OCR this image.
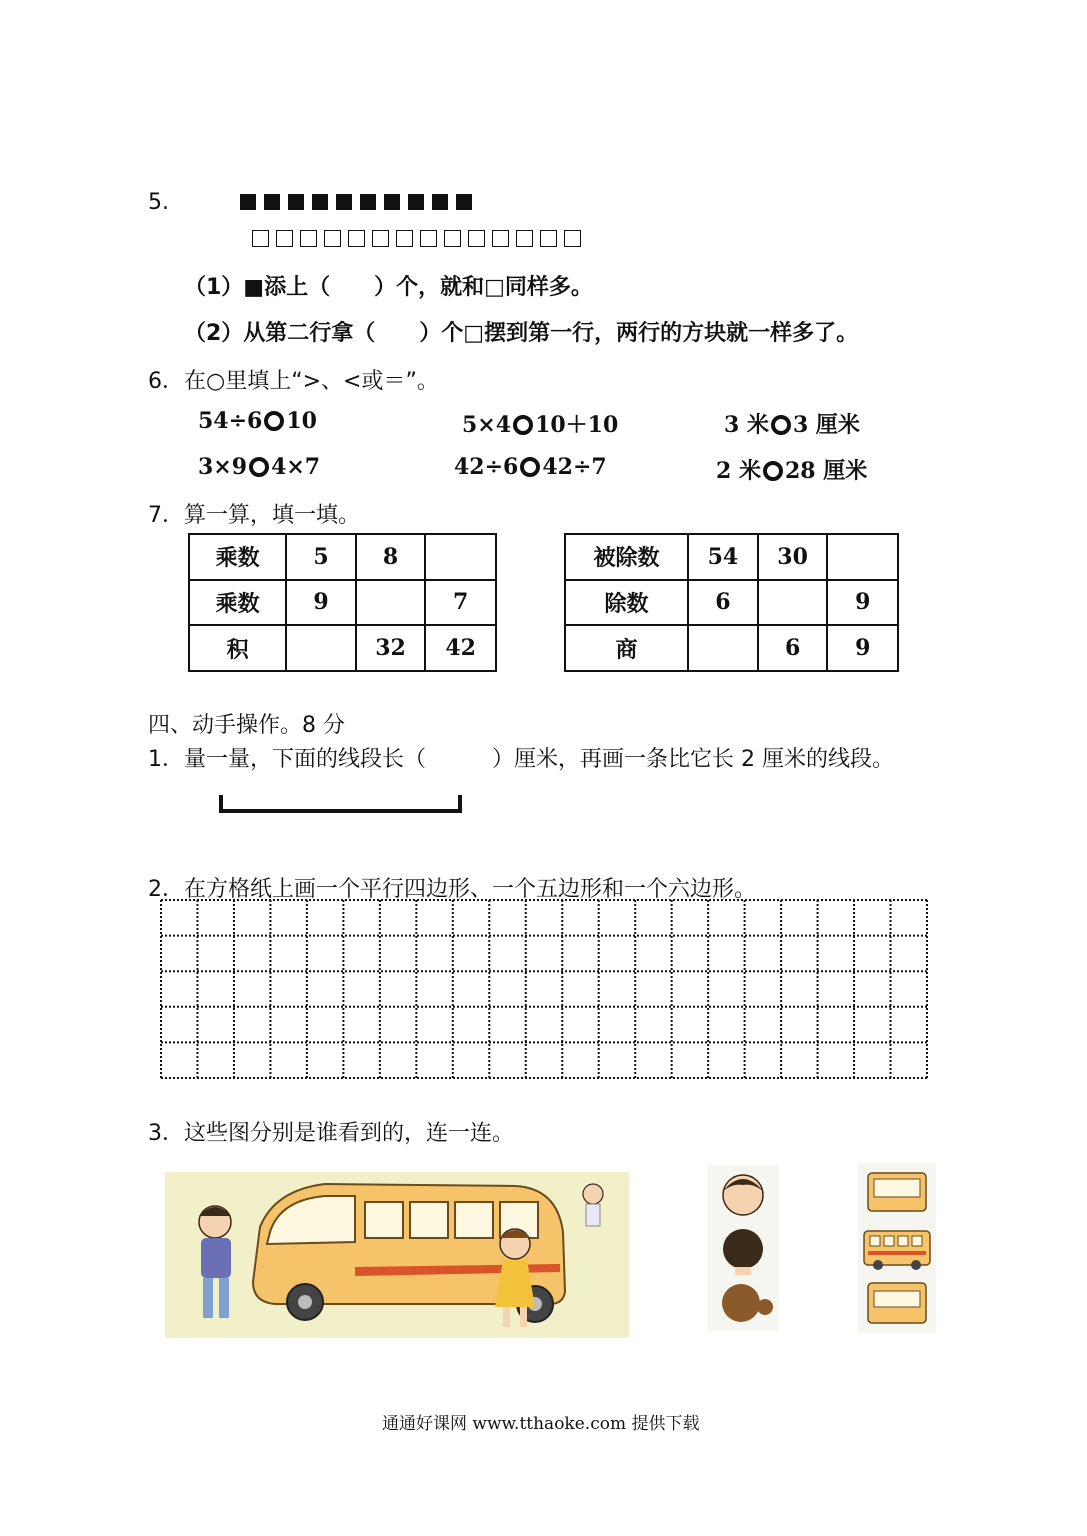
5.
（1）■添上（　　）个，就和□同样多。
（2）从第二行拿（　　）个□摆到第一行，两行的方块就一样多了。
6．在○里填上“>、<或＝”。
54÷6 10	5×4 10＋10	3 米 3 厘米
3×9 4×7	42÷6 42÷7	2 米 28 厘米
7．算一算，填一填。
乘数	5	8	
乘数	9		7
积		32	42
被除数	54	30	
除数	6		9
商		6	9
四、动手操作。8 分
1．量一量，下面的线段长（　　　）厘米，再画一条比它长 2 厘米的线段。
2．在方格纸上画一个平行四边形、一个五边形和一个六边形。
3．这些图分别是谁看到的，连一连。
通通好课网 www.tthaoke.com 提供下载
